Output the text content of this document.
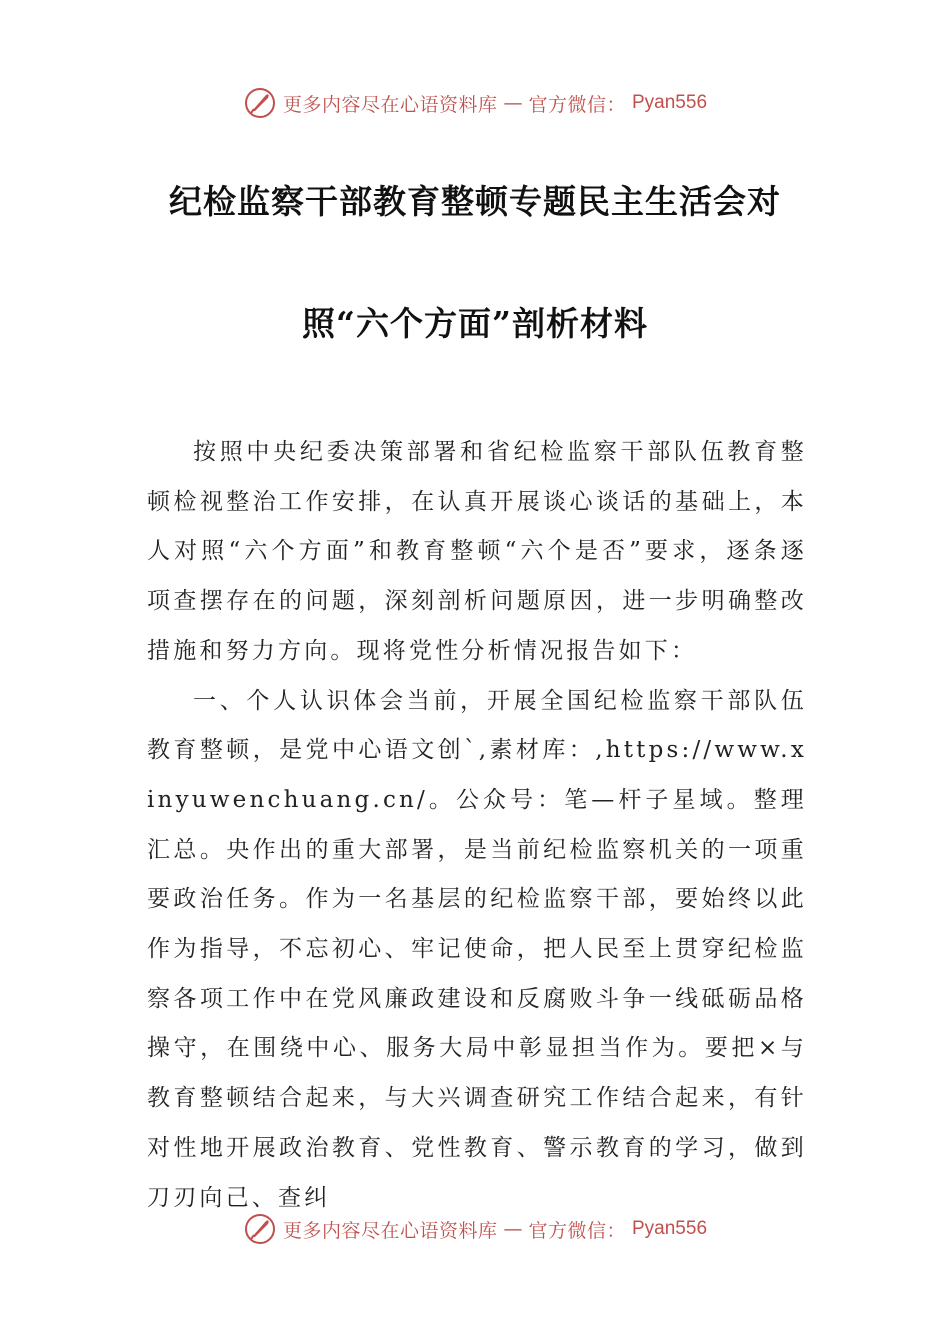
更多内容尽在心语资料库 — 官方微信： Pyan556
纪检监察干部教育整顿专题民主生活会对
照“六个方面”剖析材料

按照中央纪委决策部署和省纪检监察干部队伍教育整顿检视整治工作安排，在认真开展谈心谈话的基础上，本人对照“六个方面”和教育整顿“六个是否”要求，逐条逐项查摆存在的问题，深刻剖析问题原因，进一步明确整改措施和努力方向。现将党性分析情况报告如下：

一、个人认识体会当前，开展全国纪检监察干部队伍教育整顿，是党中心语文创`,素材库：,https://www.xinyuwenchuang.cn/。公众号：笔—杆子星域。整理汇总。央作出的重大部署，是当前纪检监察机关的一项重要政治任务。作为一名基层的纪检监察干部，要始终以此作为指导，不忘初心、牢记使命，把人民至上贯穿纪检监察各项工作中在党风廉政建设和反腐败斗争一线砥砺品格操守，在围绕中心、服务大局中彰显担当作为。要把×与教育整顿结合起来，与大兴调查研究工作结合起来，有针对性地开展政治教育、党性教育、警示教育的学习，做到刀刃向己、查纠

更多内容尽在心语资料库 — 官方微信： Pyan556
